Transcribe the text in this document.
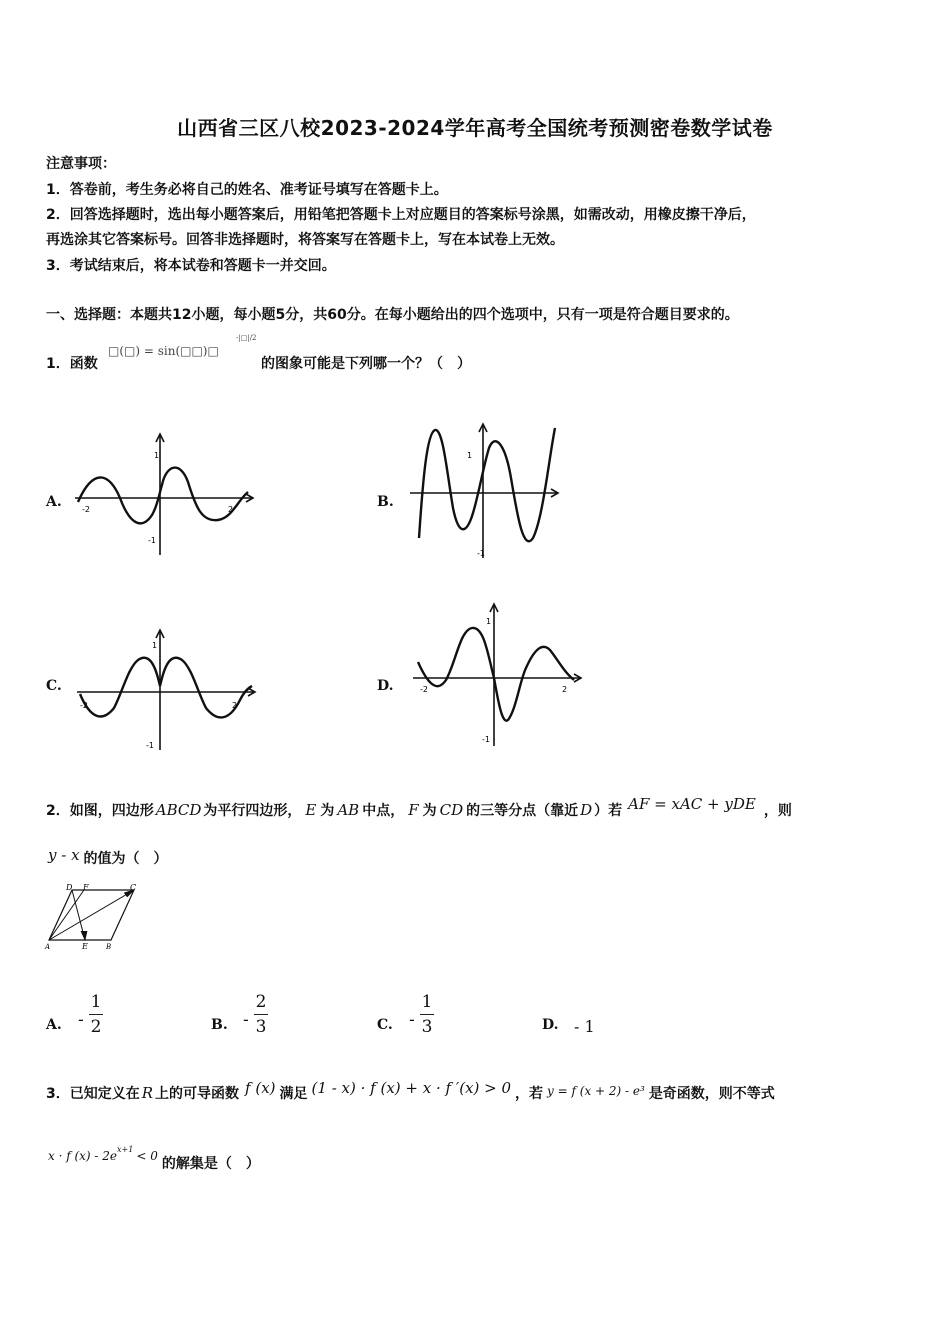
山西省三区八校2023-2024学年高考全国统考预测密卷数学试卷
注意事项：
1．答卷前，考生务必将自己的姓名、准考证号填写在答题卡上。
2．回答选择题时，选出每小题答案后，用铅笔把答题卡上对应题目的答案标号涂黑，如需改动，用橡皮擦干净后，
再选涂其它答案标号。回答非选择题时，将答案写在答题卡上，写在本试卷上无效。
3．考试结束后，将本试卷和答题卡一并交回。
一、选择题：本题共12小题，每小题5分，共60分。在每小题给出的四个选项中，只有一项是符合题目要求的。
1．函数
□(□) = sin(□□)□
-|□|/2
的图象可能是下列哪一个？（　）
A.	B.
C.	D.
-2	2
1
-1
1
-1
-2	2
1
-1
-2	2
1
-1
2．如图，四边形 ABCD 为平行四边形， E 为 AB 中点， F 为 CD 的三等分点（靠近 D ）若 AF = xAC + yDE ，则
y - x 的值为（　）
D F	C
A	E	B
A. -
1
2	B. -
2
3	C. -
1
3	D. - 1
3．已知定义在 R 上的可导函数 f (x) 满足 (1 - x) · f (x) + x · f ′(x) > 0 ，若 y = f (x + 2) - e³ 是奇函数，则不等式
x · f (x) - 2e x+1 < 0 的解集是（　）
